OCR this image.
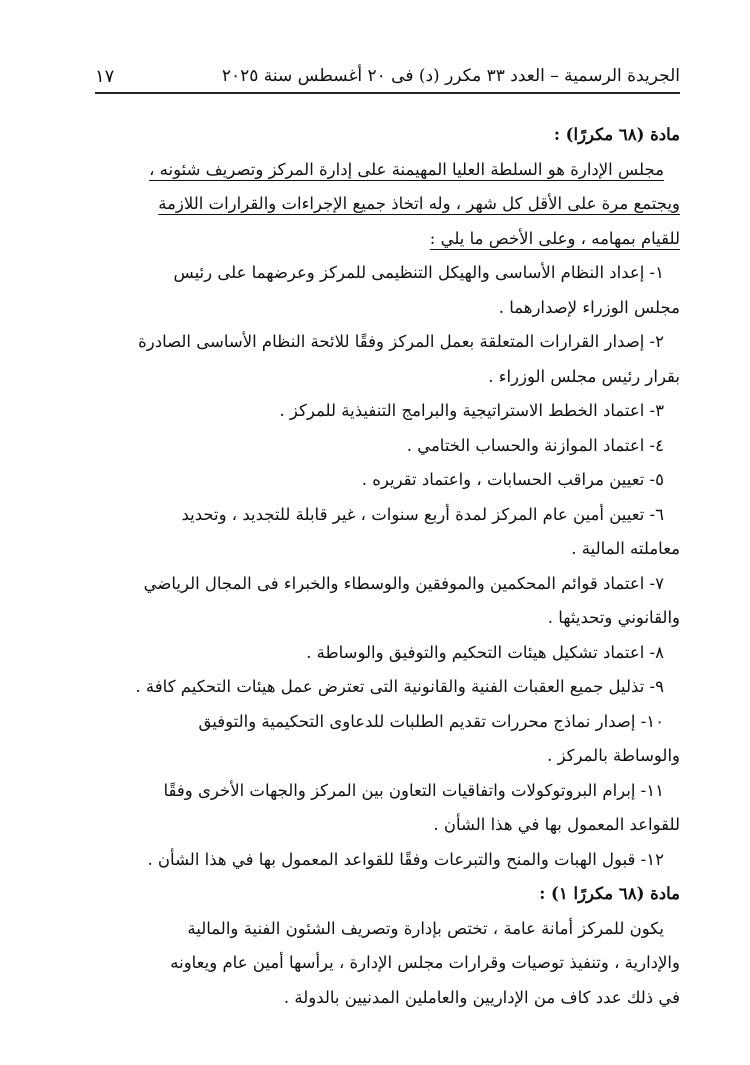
الجريدة الرسمية – العدد ٣٣ مكرر (د) فى ٢٠ أغسطس سنة ٢٠٢٥
١٧
مادة (٦٨ مكررًا) :
مجلس الإدارة هو السلطة العليا المهيمنة على إدارة المركز وتصريف شئونه ،
ويجتمع مرة على الأقل كل شهر ، وله اتخاذ جميع الإجراءات والقرارات اللازمة
للقيام بمهامه ، وعلى الأخص ما يلي :
١- إعداد النظام الأساسى والهيكل التنظيمى للمركز وعرضهما على رئيس
مجلس الوزراء لإصدارهما .
٢- إصدار القرارات المتعلقة بعمل المركز وفقًا للائحة النظام الأساسى الصادرة
بقرار رئيس مجلس الوزراء .
٣- اعتماد الخطط الاستراتيجية والبرامج التنفيذية للمركز .
٤- اعتماد الموازنة والحساب الختامي .
٥- تعيين مراقب الحسابات ، واعتماد تقريره .
٦- تعيين أمين عام المركز لمدة أربع سنوات ، غير قابلة للتجديد ، وتحديد
معاملته المالية .
٧- اعتماد قوائم المحكمين والموفقين والوسطاء والخبراء فى المجال الرياضي
والقانوني وتحديثها .
٨- اعتماد تشكيل هيئات التحكيم والتوفيق والوساطة .
٩- تذليل جميع العقبات الفنية والقانونية التى تعترض عمل هيئات التحكيم كافة .
١٠- إصدار نماذج محررات تقديم الطلبات للدعاوى التحكيمية والتوفيق
والوساطة بالمركز .
١١- إبرام البروتوكولات واتفاقيات التعاون بين المركز والجهات الأخرى وفقًا
للقواعد المعمول بها في هذا الشأن .
١٢- قبول الهبات والمنح والتبرعات وفقًا للقواعد المعمول بها في هذا الشأن .
مادة (٦٨ مكررًا ١) :
يكون للمركز أمانة عامة ، تختص بإدارة وتصريف الشئون الفنية والمالية
والإدارية ، وتنفيذ توصيات وقرارات مجلس الإدارة ، يرأسها أمين عام ويعاونه
في ذلك عدد كاف من الإداريين والعاملين المدنيين بالدولة .
